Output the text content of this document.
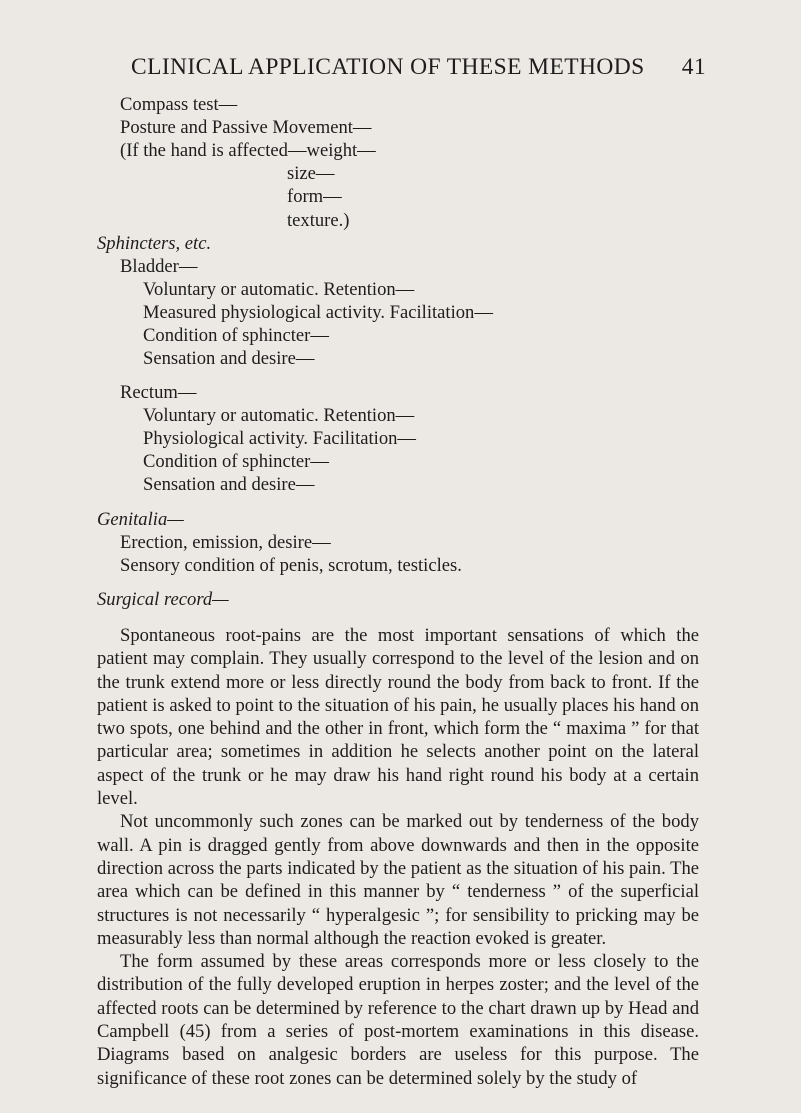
CLINICAL APPLICATION OF THESE METHODS 41
Compass test—
Posture and Passive Movement—
(If the hand is affected—weight—
size—
form—
texture.)
Sphincters, etc.
Bladder—
Voluntary or automatic. Retention—
Measured physiological activity. Facilitation—
Condition of sphincter—
Sensation and desire—
Rectum—
Voluntary or automatic. Retention—
Physiological activity. Facilitation—
Condition of sphincter—
Sensation and desire—
Genitalia—
Erection, emission, desire—
Sensory condition of penis, scrotum, testicles.
Surgical record—

Spontaneous root-pains are the most important sensations of which the patient may complain. They usually correspond to the level of the lesion and on the trunk extend more or less directly round the body from back to front. If the patient is asked to point to the situation of his pain, he usually places his hand on two spots, one behind and the other in front, which form the “ maxima ” for that particular area; sometimes in addition he selects another point on the lateral aspect of the trunk or he may draw his hand right round his body at a certain level.

Not uncommonly such zones can be marked out by tenderness of the body wall. A pin is dragged gently from above downwards and then in the opposite direction across the parts indicated by the patient as the situation of his pain. The area which can be defined in this manner by “ tenderness ” of the superficial structures is not necessarily “ hyperalgesic ”; for sensibility to pricking may be measurably less than normal although the reaction evoked is greater.

The form assumed by these areas corresponds more or less closely to the distribution of the fully developed eruption in herpes zoster; and the level of the affected roots can be determined by reference to the chart drawn up by Head and Campbell (45) from a series of post-mortem examinations in this disease. Diagrams based on analgesic borders are useless for this purpose. The significance of these root zones can be determined solely by the study of
